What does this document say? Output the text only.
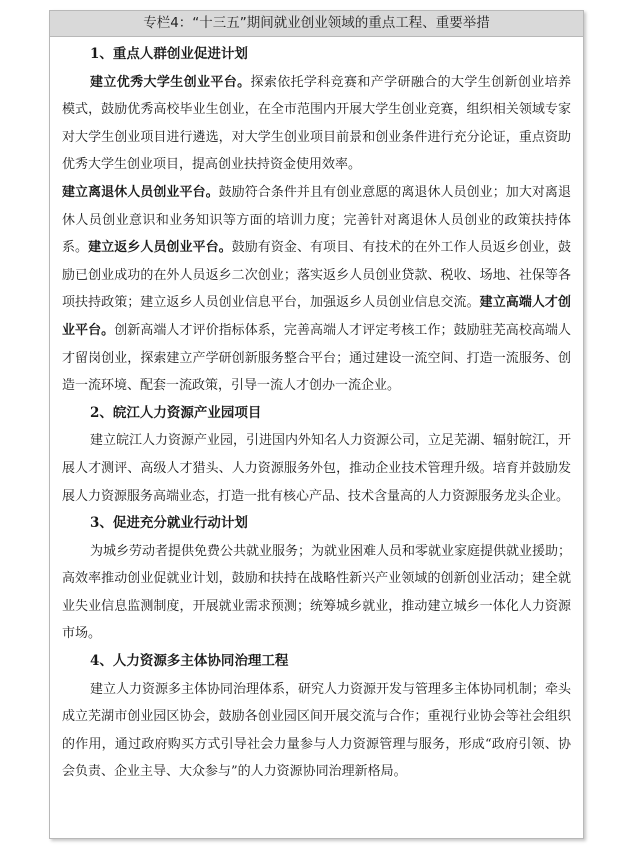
专栏4：“十三五”期间就业创业领域的重点工程、重要举措
1、重点人群创业促进计划

建立优秀大学生创业平台。探索依托学科竞赛和产学研融合的大学生创新创业培养模式，鼓励优秀高校毕业生创业，在全市范围内开展大学生创业竞赛，组织相关领域专家对大学生创业项目进行遴选，对大学生创业项目前景和创业条件进行充分论证，重点资助优秀大学生创业项目，提高创业扶持资金使用效率。

建立离退休人员创业平台。鼓励符合条件并且有创业意愿的离退休人员创业；加大对离退休人员创业意识和业务知识等方面的培训力度；完善针对离退休人员创业的政策扶持体系。建立返乡人员创业平台。鼓励有资金、有项目、有技术的在外工作人员返乡创业，鼓励已创业成功的在外人员返乡二次创业；落实返乡人员创业贷款、税收、场地、社保等各项扶持政策；建立返乡人员创业信息平台，加强返乡人员创业信息交流。建立高端人才创业平台。创新高端人才评价指标体系，完善高端人才评定考核工作；鼓励驻芜高校高端人才留岗创业，探索建立产学研创新服务整合平台；通过建设一流空间、打造一流服务、创造一流环境、配套一流政策，引导一流人才创办一流企业。

2、皖江人力资源产业园项目

建立皖江人力资源产业园，引进国内外知名人力资源公司，立足芜湖、辐射皖江，开展人才测评、高级人才猎头、人力资源服务外包，推动企业技术管理升级。培育并鼓励发展人力资源服务高端业态，打造一批有核心产品、技术含量高的人力资源服务龙头企业。

3、促进充分就业行动计划

为城乡劳动者提供免费公共就业服务；为就业困难人员和零就业家庭提供就业援助；高效率推动创业促就业计划，鼓励和扶持在战略性新兴产业领域的创新创业活动；建全就业失业信息监测制度，开展就业需求预测；统筹城乡就业，推动建立城乡一体化人力资源市场。

4、人力资源多主体协同治理工程

建立人力资源多主体协同治理体系，研究人力资源开发与管理多主体协同机制；牵头成立芜湖市创业园区协会，鼓励各创业园区间开展交流与合作；重视行业协会等社会组织的作用，通过政府购买方式引导社会力量参与人力资源管理与服务，形成“政府引领、协会负责、企业主导、大众参与”的人力资源协同治理新格局。
